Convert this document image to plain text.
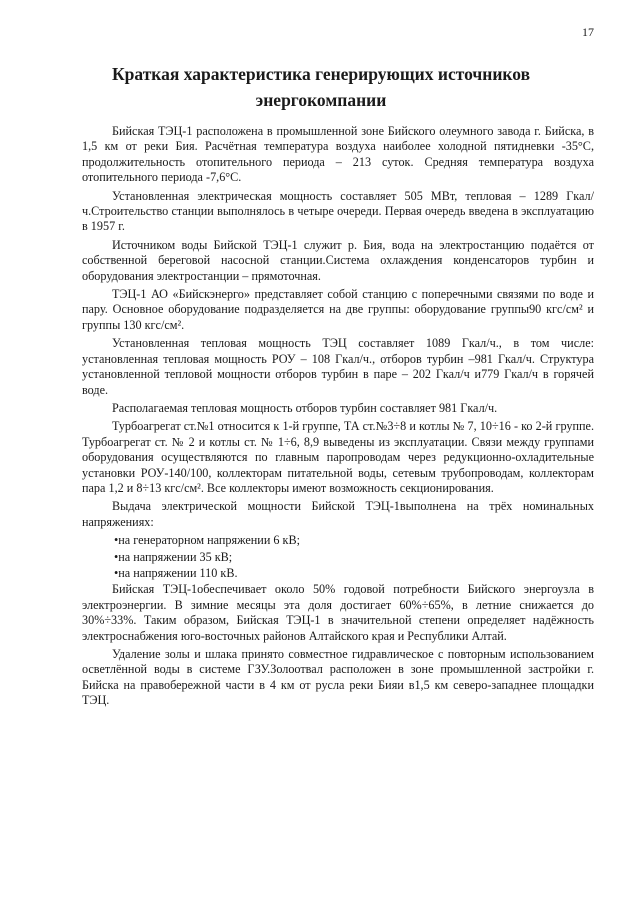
17
Краткая характеристика генерирующих источников энергокомпании

Бийская ТЭЦ-1 расположена в промышленной зоне Бийского олеумного завода г. Бийска, в 1,5 км от реки Бия. Расчётная температура воздуха наиболее холодной пятидневки -35°С, продолжительность отопительного периода – 213 суток. Средняя температура воздуха отопительного периода -7,6°С.

Установленная электрическая мощность составляет 505 МВт, тепловая – 1289 Гкал/ч.Строительство станции выполнялось в четыре очереди. Первая очередь введена в эксплуатацию в 1957 г.

Источником воды Бийской ТЭЦ-1 служит р. Бия, вода на электростанцию подаётся от собственной береговой насосной станции.Система охлаждения конденсаторов турбин и оборудования электростанции – прямоточная.

ТЭЦ-1 АО «Бийскэнерго» представляет собой станцию с поперечными связями по воде и пару. Основное оборудование подразделяется на две группы: оборудование группы90 кгс/см² и группы 130 кгс/см².

Установленная тепловая мощность ТЭЦ составляет 1089 Гкал/ч., в том числе: установленная тепловая мощность РОУ – 108 Гкал/ч., отборов турбин –981 Гкал/ч. Структура установленной тепловой мощности отборов турбин в паре – 202 Гкал/ч и779 Гкал/ч в горячей воде.

Располагаемая тепловая мощность отборов турбин составляет 981 Гкал/ч.

Турбоагрегат ст.№1 относится к 1-й группе, ТА ст.№3÷8 и котлы № 7, 10÷16 - ко 2-й группе. Турбоагрегат ст. № 2 и котлы ст. № 1÷6, 8,9 выведены из эксплуатации. Связи между группами оборудования осуществляются по главным паропроводам через редукционно-охладительные установки РОУ-140/100, коллекторам питательной воды, сетевым трубопроводам, коллекторам пара 1,2 и 8÷13 кгс/см². Все коллекторы имеют возможность секционирования.

Выдача электрической мощности Бийской ТЭЦ-1выполнена на трёх номинальных напряжениях:

•на генераторном напряжении 6 кВ;

•на напряжении 35 кВ;

•на напряжении 110 кВ.

Бийская ТЭЦ-1обеспечивает около 50% годовой потребности Бийского энергоузла в электроэнергии. В зимние месяцы эта доля достигает 60%÷65%, в летние снижается до 30%÷33%. Таким образом, Бийская ТЭЦ-1 в значительной степени определяет надёжность электроснабжения юго-восточных районов Алтайского края и Республики Алтай.

Удаление золы и шлака принято совместное гидравлическое с повторным использованием осветлённой воды в системе ГЗУ.Золоотвал расположен в зоне промышленной застройки г. Бийска на правобережной части в 4 км от русла реки Бияи в1,5 км северо-западнее площадки ТЭЦ.
